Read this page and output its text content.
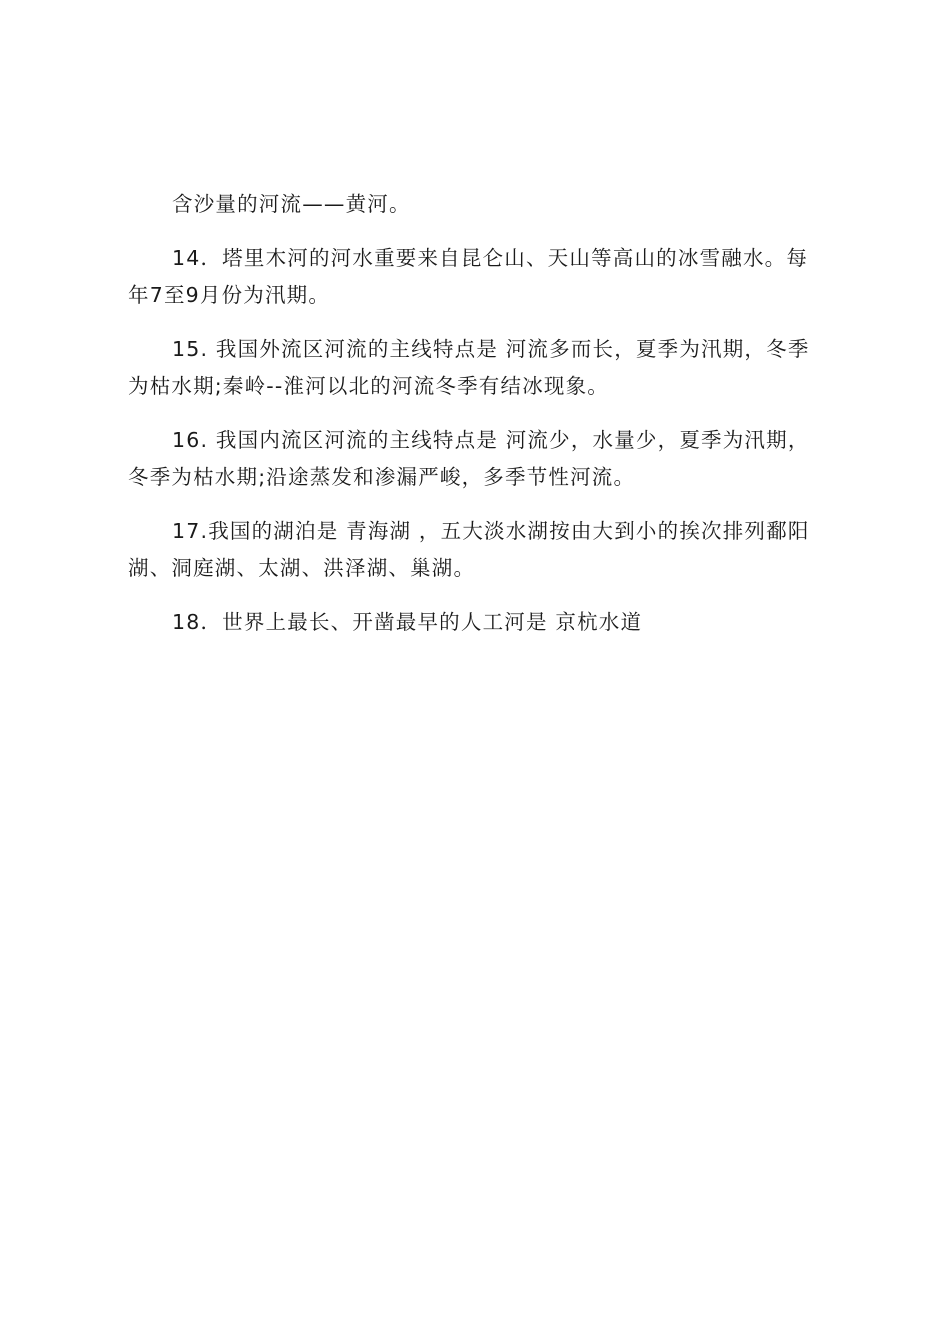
含沙量的河流——黄河。
14．塔里木河的河水重要来自昆仑山、天山等高山的冰雪融水。每
年7至9月份为汛期。
15. 我国外流区河流的主线特点是 河流多而长，夏季为汛期，冬季
为枯水期;秦岭--淮河以北的河流冬季有结冰现象。
16. 我国内流区河流的主线特点是 河流少，水量少，夏季为汛期，
冬季为枯水期;沿途蒸发和渗漏严峻，多季节性河流。
17.我国的湖泊是 青海湖 ，五大淡水湖按由大到小的挨次排列鄱阳
湖、洞庭湖、太湖、洪泽湖、巢湖。
18．世界上最长、开凿最早的人工河是 京杭水道
